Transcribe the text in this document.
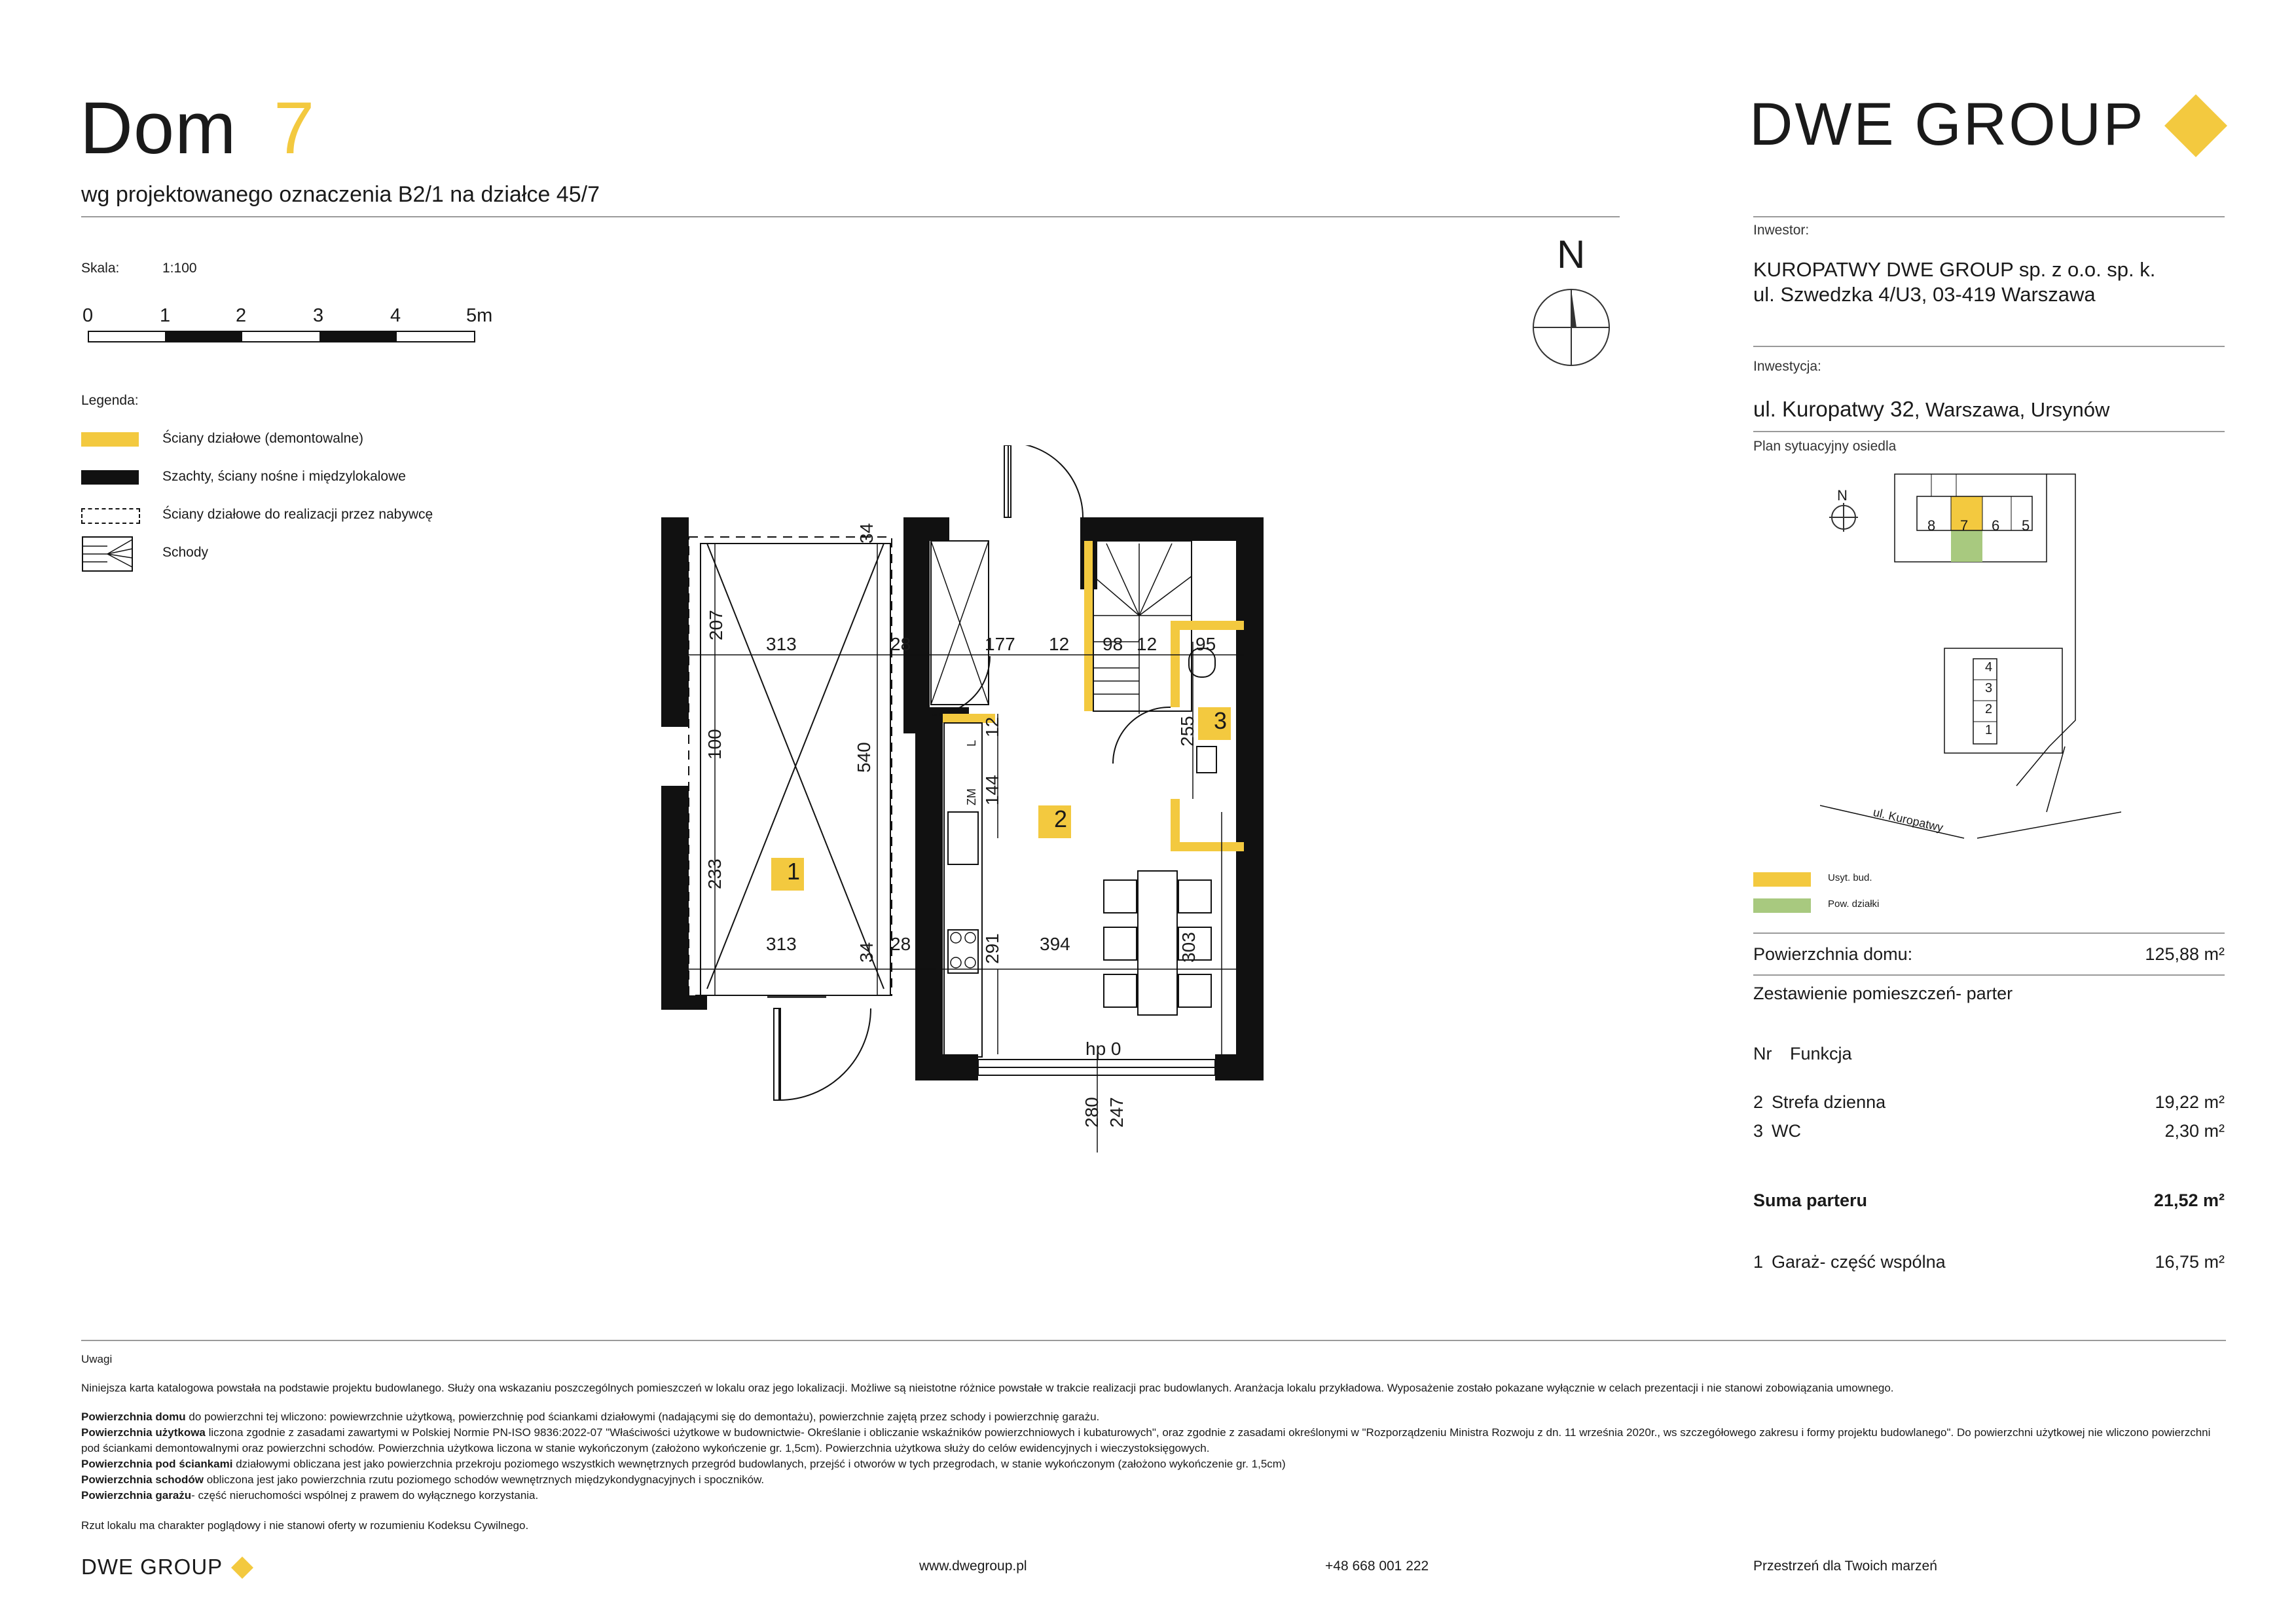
Dom 7
wg projektowanego oznaczenia B2/1 na działce 45/7
Skala:	1:100
0	1	2	3	4	5m
Legenda:
Ściany działowe (demontowalne)
Szachty, ściany nośne i międzylokalowe
Ściany działowe do realizacji przez nabywcę
Schody
N
34
207
313	28	177 12 98 12 95
255
12
100	540
144
233
313	34 28	291 394	303
280 247
L
ZM
1
2
3
hp 0
DWE GROUP
Inwestor:
KUROPATWY DWE GROUP sp. z o.o. sp. k.
ul. Szwedzka 4/U3, 03-419 Warszawa
Inwestycja:
ul. Kuropatwy 32, Warszawa, Ursynów
Plan sytuacyjny osiedla
N
8 7 6 5
4
3
2
1
ul. Kuropatwy
Usyt. bud.
Pow. działki
Powierzchnia domu:	125,88 m²
Zestawienie pomieszczeń- parter
Nr Funkcja
2 Strefa dzienna	19,22 m²
3 WC	2,30 m²
Suma parteru	21,52 m²
1 Garaż- część wspólna	16,75 m²
Uwagi
Niniejsza karta katalogowa powstała na podstawie projektu budowlanego. Służy ona wskazaniu poszczególnych pomieszczeń w lokalu oraz jego lokalizacji. Możliwe są nieistotne różnice powstałe w trakcie realizacji prac budowlanych. Aranżacja lokalu przykładowa. Wyposażenie zostało pokazane wyłącznie w celach prezentacji i nie stanowi zobowiązania umownego.
Powierzchnia domu do powierzchni tej wliczono: powiewrzchnie użytkową, powierzchnię pod ściankami działowymi (nadającymi się do demontażu), powierzchnie zajętą przez schody i powierzchnię garażu.
Powierzchnia użytkowa liczona zgodnie z zasadami zawartymi w Polskiej Normie PN-ISO 9836:2022-07 "Właściwości użytkowe w budownictwie- Określanie i obliczanie wskaźników powierzchniowych i kubaturowych", oraz zgodnie z zasadami określonymi w "Rozporządzeniu Ministra Rozwoju z dn. 11 września 2020r., ws szczegółowego zakresu i formy projektu budowlanego". Do powierzchni użytkowej nie wliczono powierzchni pod ściankami demontowalnymi oraz powierzchni schodów. Powierzchnia użytkowa liczona w stanie wykończonym (założono wykończenie gr. 1,5cm). Powierzchnia użytkowa służy do celów ewidencyjnych i wieczystoksięgowych.
Powierzchnia pod ściankami działowymi obliczana jest jako powierzchnia przekroju poziomego wszystkich wewnętrznych przegród budowlanych, przejść i otworów w tych przegrodach, w stanie wykończonym (założono wykończenie gr. 1,5cm)
Powierzchnia schodów obliczona jest jako powierzchnia rzutu poziomego schodów wewnętrznych międzykondygnacyjnych i spoczników.
Powierzchnia garażu- część nieruchomości wspólnej z prawem do wyłącznego korzystania.
Rzut lokalu ma charakter poglądowy i nie stanowi oferty w rozumieniu Kodeksu Cywilnego.
DWE GROUP	www.dwegroup.pl	+48 668 001 222	Przestrzeń dla Twoich marzeń
